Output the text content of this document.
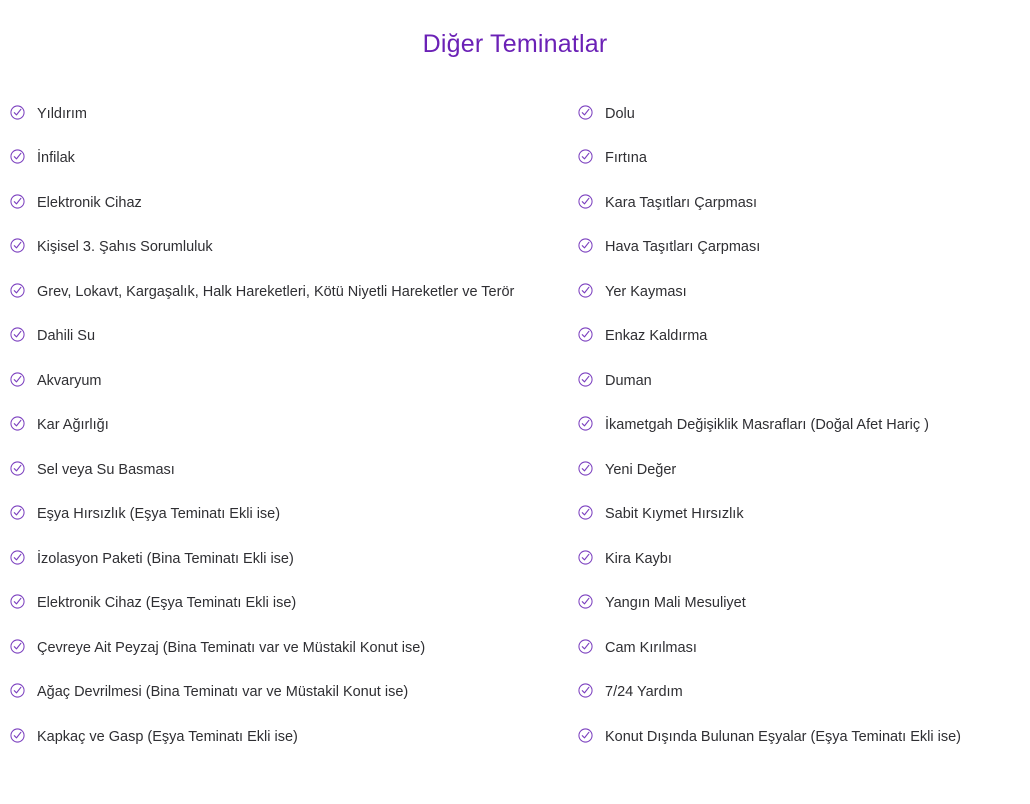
Diğer Teminatlar
Yıldırım
İnfilak
Elektronik Cihaz
Kişisel 3. Şahıs Sorumluluk
Grev, Lokavt, Kargaşalık, Halk Hareketleri, Kötü Niyetli Hareketler ve Terör
Dahili Su
Akvaryum
Kar Ağırlığı
Sel veya Su Basması
Eşya Hırsızlık (Eşya Teminatı Ekli ise)
İzolasyon Paketi (Bina Teminatı Ekli ise)
Elektronik Cihaz (Eşya Teminatı Ekli ise)
Çevreye Ait Peyzaj (Bina Teminatı var ve Müstakil Konut ise)
Ağaç Devrilmesi (Bina Teminatı var ve Müstakil Konut ise)
Kapkaç ve Gasp (Eşya Teminatı Ekli ise)
Dolu
Fırtına
Kara Taşıtları Çarpması
Hava Taşıtları Çarpması
Yer Kayması
Enkaz Kaldırma
Duman
İkametgah Değişiklik Masrafları (Doğal Afet Hariç )
Yeni Değer
Sabit Kıymet Hırsızlık
Kira Kaybı
Yangın Mali Mesuliyet
Cam Kırılması
7/24 Yardım
Konut Dışında Bulunan Eşyalar (Eşya Teminatı Ekli ise)
